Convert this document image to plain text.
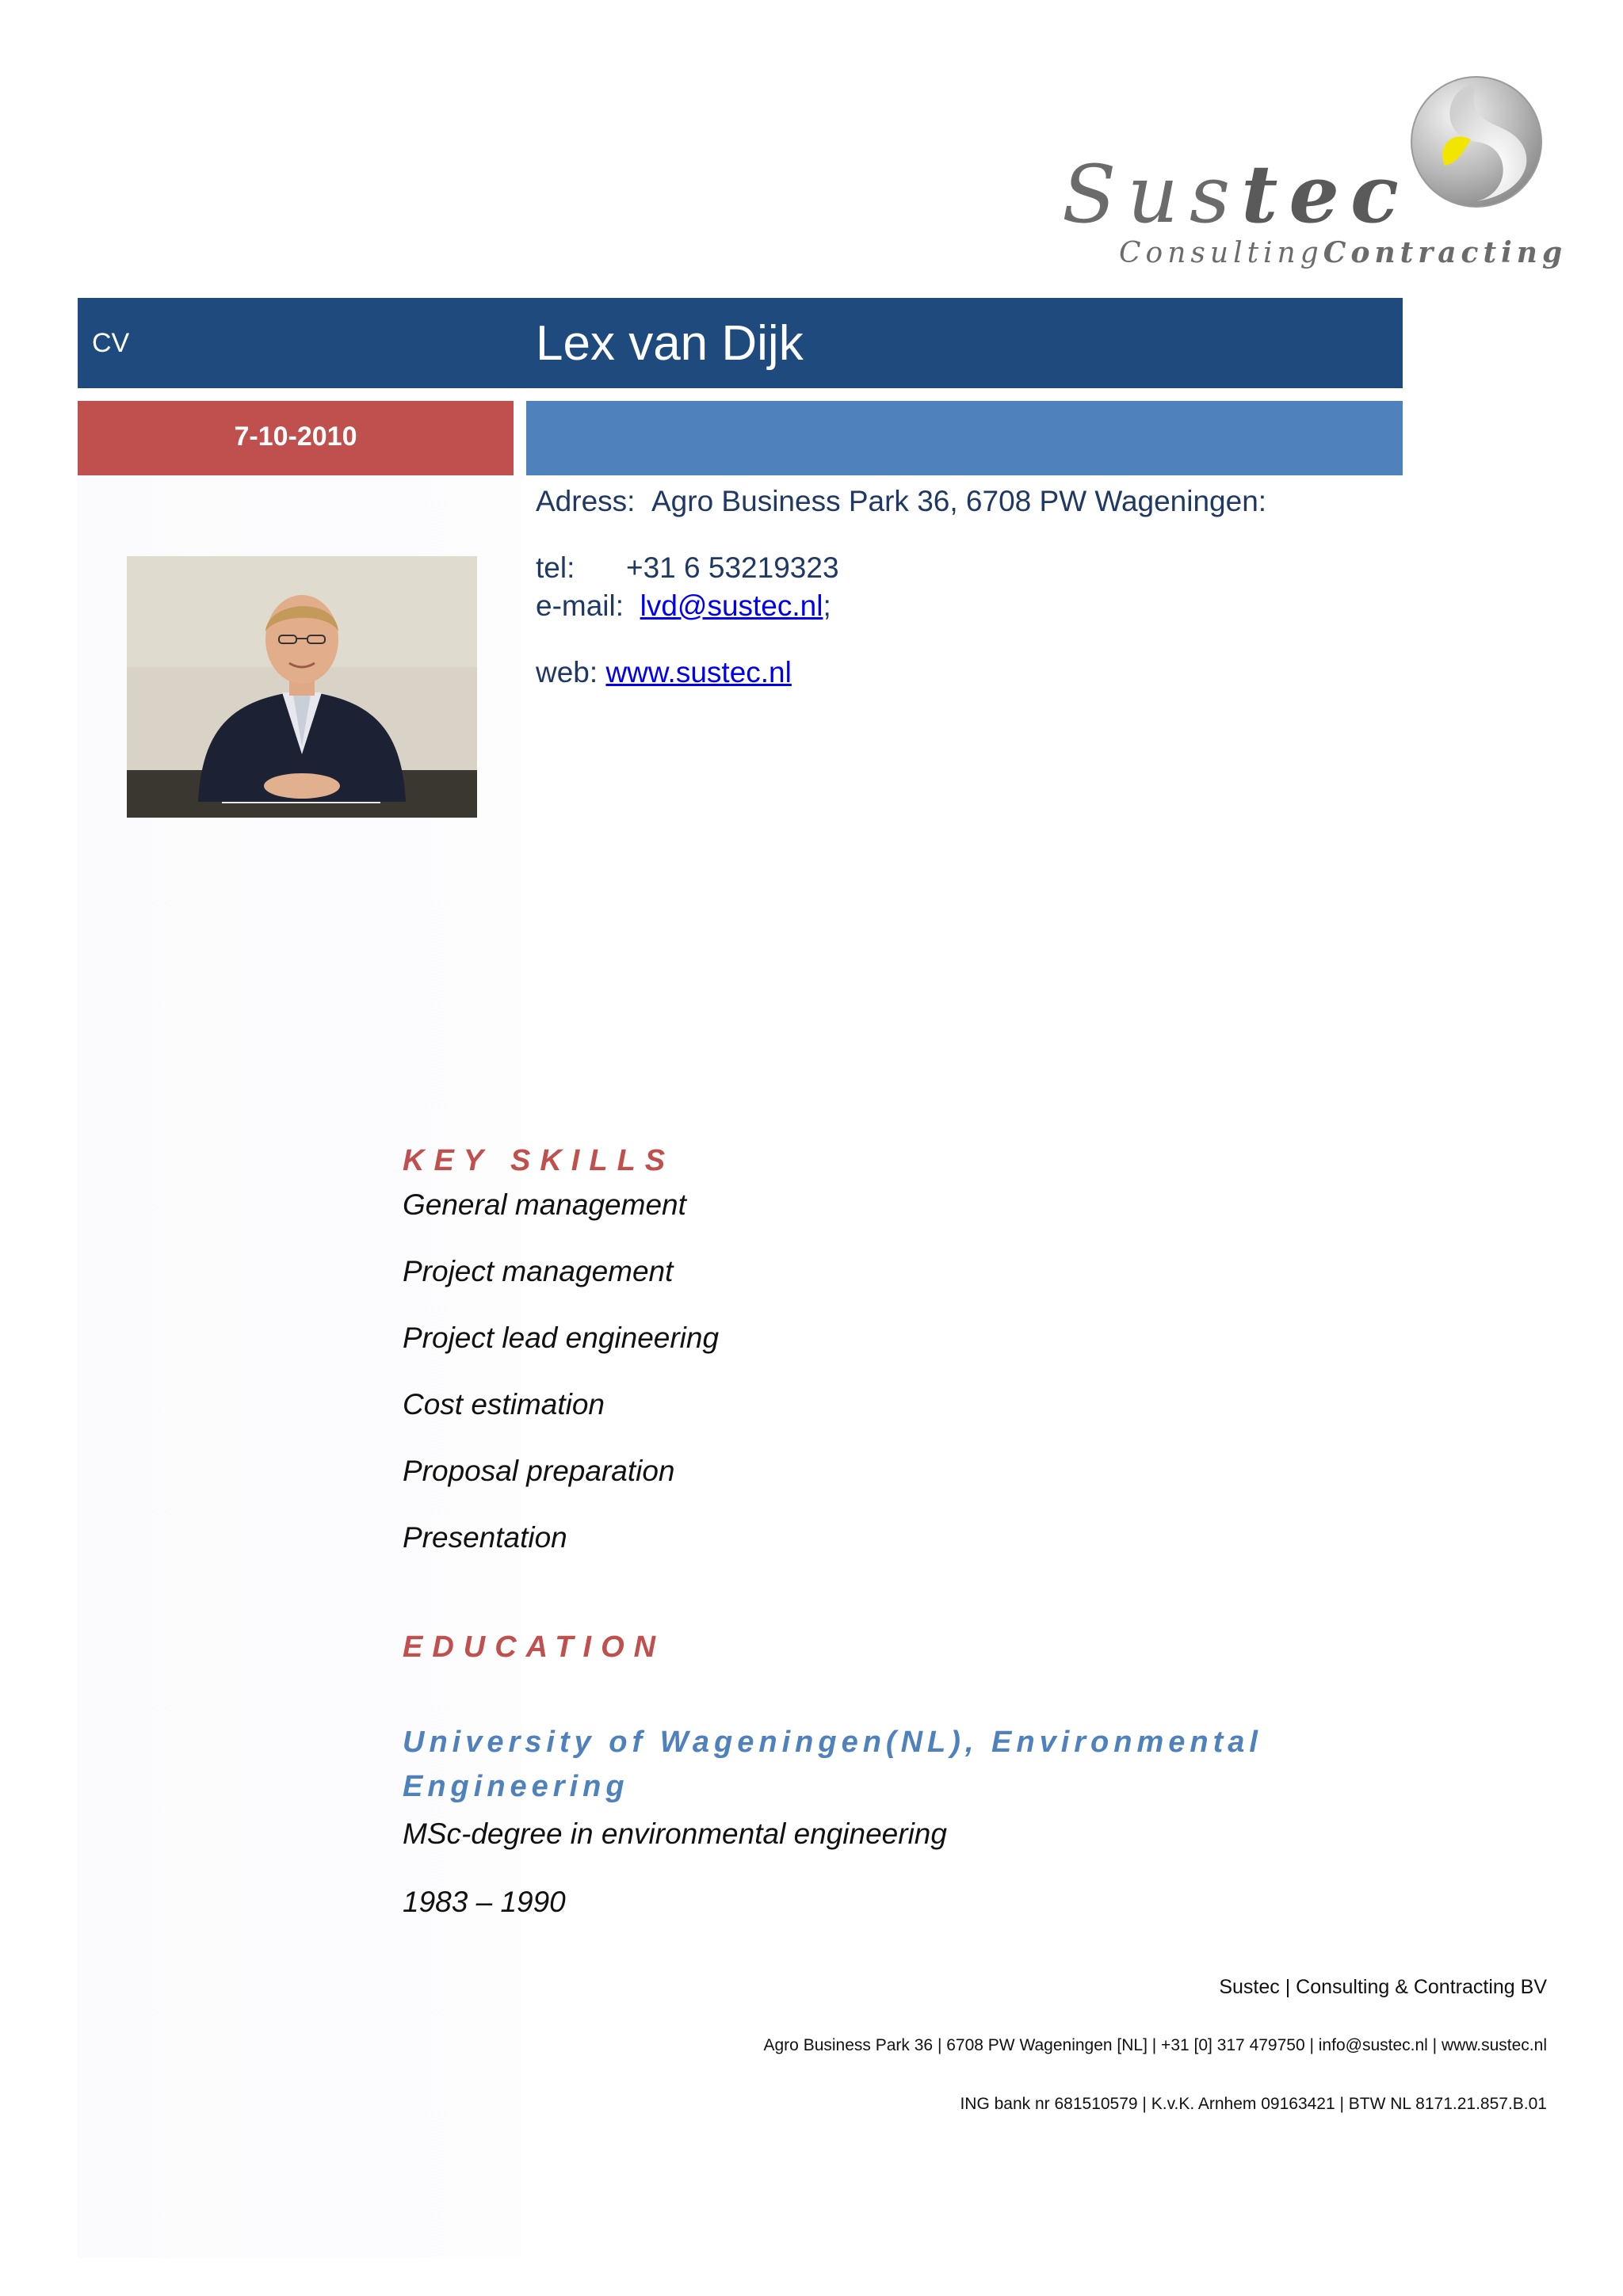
Sustec
ConsultingContracting
CV	Lex van Dijk
7-10-2010
Adress: Agro Business Park 36, 6708 PW Wageningen:
tel: +31 6 53219323
e-mail: lvd@sustec.nl;
web: www.sustec.nl
KEY SKILLS
General management
Project management
Project lead engineering
Cost estimation
Proposal preparation
Presentation
EDUCATION
University of Wageningen(NL), Environmental
Engineering
MSc-degree in environmental engineering
1983 – 1990
Sustec | Consulting & Contracting BV
Agro Business Park 36 | 6708 PW Wageningen [NL] | +31 [0] 317 479750 | info@sustec.nl | www.sustec.nl
ING bank nr 681510579 | K.v.K. Arnhem 09163421 | BTW NL 8171.21.857.B.01
